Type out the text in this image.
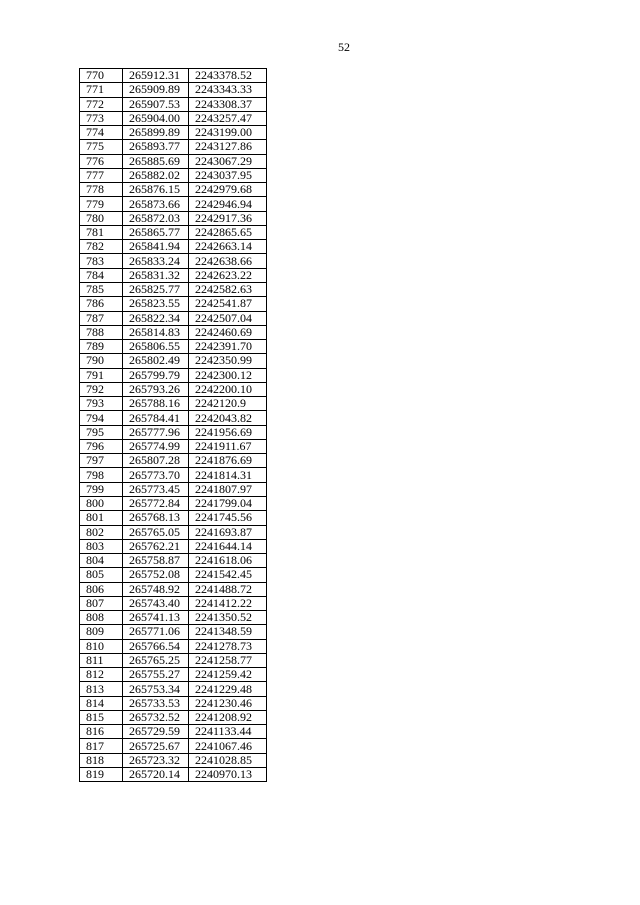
52
770	265912.31	2243378.52
771	265909.89	2243343.33
772	265907.53	2243308.37
773	265904.00	2243257.47
774	265899.89	2243199.00
775	265893.77	2243127.86
776	265885.69	2243067.29
777	265882.02	2243037.95
778	265876.15	2242979.68
779	265873.66	2242946.94
780	265872.03	2242917.36
781	265865.77	2242865.65
782	265841.94	2242663.14
783	265833.24	2242638.66
784	265831.32	2242623.22
785	265825.77	2242582.63
786	265823.55	2242541.87
787	265822.34	2242507.04
788	265814.83	2242460.69
789	265806.55	2242391.70
790	265802.49	2242350.99
791	265799.79	2242300.12
792	265793.26	2242200.10
793	265788.16	2242120.9
794	265784.41	2242043.82
795	265777.96	2241956.69
796	265774.99	2241911.67
797	265807.28	2241876.69
798	265773.70	2241814.31
799	265773.45	2241807.97
800	265772.84	2241799.04
801	265768.13	2241745.56
802	265765.05	2241693.87
803	265762.21	2241644.14
804	265758.87	2241618.06
805	265752.08	2241542.45
806	265748.92	2241488.72
807	265743.40	2241412.22
808	265741.13	2241350.52
809	265771.06	2241348.59
810	265766.54	2241278.73
811	265765.25	2241258.77
812	265755.27	2241259.42
813	265753.34	2241229.48
814	265733.53	2241230.46
815	265732.52	2241208.92
816	265729.59	2241133.44
817	265725.67	2241067.46
818	265723.32	2241028.85
819	265720.14	2240970.13
